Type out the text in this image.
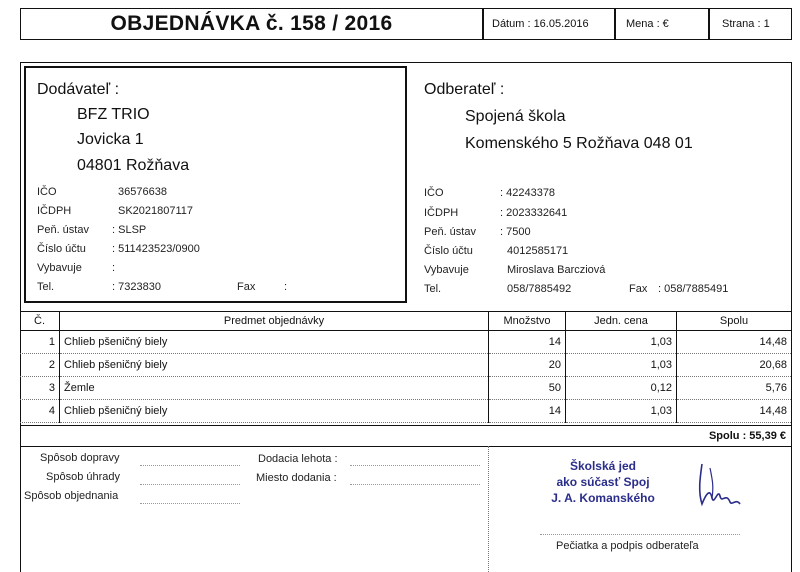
OBJEDNÁVKA č. 158 / 2016	Dátum : 16.05.2016	Mena : €	Strana : 1
Dodávateľ :
BFZ TRIO
Jovicka 1
04801 Rožňava
IČO	36576638
IČDPH	SK2021807117
Peň. ústav : SLSP
Číslo účtu : 511423523/0900
Vybavuje	:
Tel.	: 7323830	Fax	:
Odberateľ :
Spojená škola
Komenského 5 Rožňava 048 01
IČO	: 42243378
IČDPH	: 2023332641
Peň. ústav : 7500
Číslo účtu	4012585171
Vybavuje	Miroslava Barcziová
Tel.	058/7885492	Fax : 058/7885491
Č.	Predmet objednávky	Množstvo	Jedn. cena	Spolu
1	Chlieb pšeničný biely	14	1,03	14,48
2	Chlieb pšeničný biely	20	1,03	20,68
3	Žemle	50	0,12	5,76
4	Chlieb pšeničný biely	14	1,03	14,48
Spolu : 55,39 €
Spôsob dopravy
Spôsob úhrady
Spôsob objednania
Dodacia lehota :
Miesto dodania :
Školská jed
ako súčasť Spoj
J. A. Komanského
Pečiatka a podpis odberateľa
